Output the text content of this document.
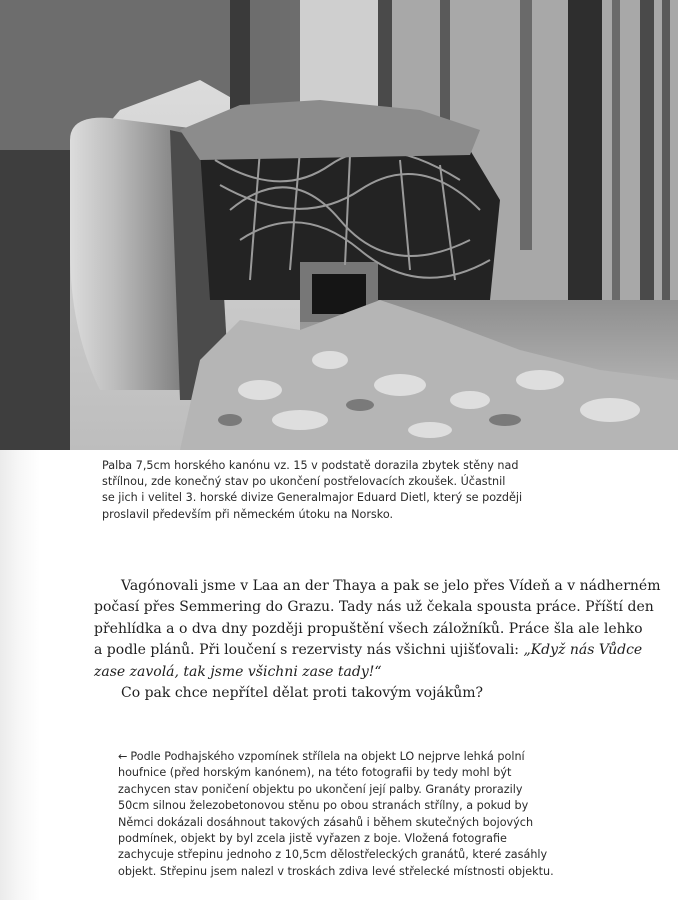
Palba 7,5cm horského kanónu vz. 15 v podstatě dorazila zbytek stěny nad
střílnou, zde konečný stav po ukončení postřelovacích zkoušek. Účastnil
se jich i velitel 3. horské divize Generalmajor Eduard Dietl, který se později
proslavil především při německém útoku na Norsko.
Vagónovali jsme v Laa an der Thaya a pak se jelo přes Vídeň a v nádherném
počasí přes Semmering do Grazu. Tady nás už čekala spousta práce. Příští den
přehlídka a o dva dny později propuštění všech záložníků. Práce šla ale lehko
a podle plánů. Při loučení s rezervisty nás všichni ujišťovali: „Když nás Vůdce
zase zavolá, tak jsme všichni zase tady!“
Co pak chce nepřítel dělat proti takovým vojákům?
← Podle Podhajského vzpomínek střílela na objekt LO nejprve lehká polní
houfnice (před horským kanónem), na této fotografii by tedy mohl být
zachycen stav poničení objektu po ukončení její palby. Granáty prorazily
50cm silnou železobetonovou stěnu po obou stranách střílny, a pokud by
Němci dokázali dosáhnout takových zásahů i během skutečných bojových
podmínek, objekt by byl zcela jistě vyřazen z boje. Vložená fotografie
zachycuje střepinu jednoho z 10,5cm dělostřeleckých granátů, které zasáhly
objekt. Střepinu jsem nalezl v troskách zdiva levé střelecké místnosti objektu.
